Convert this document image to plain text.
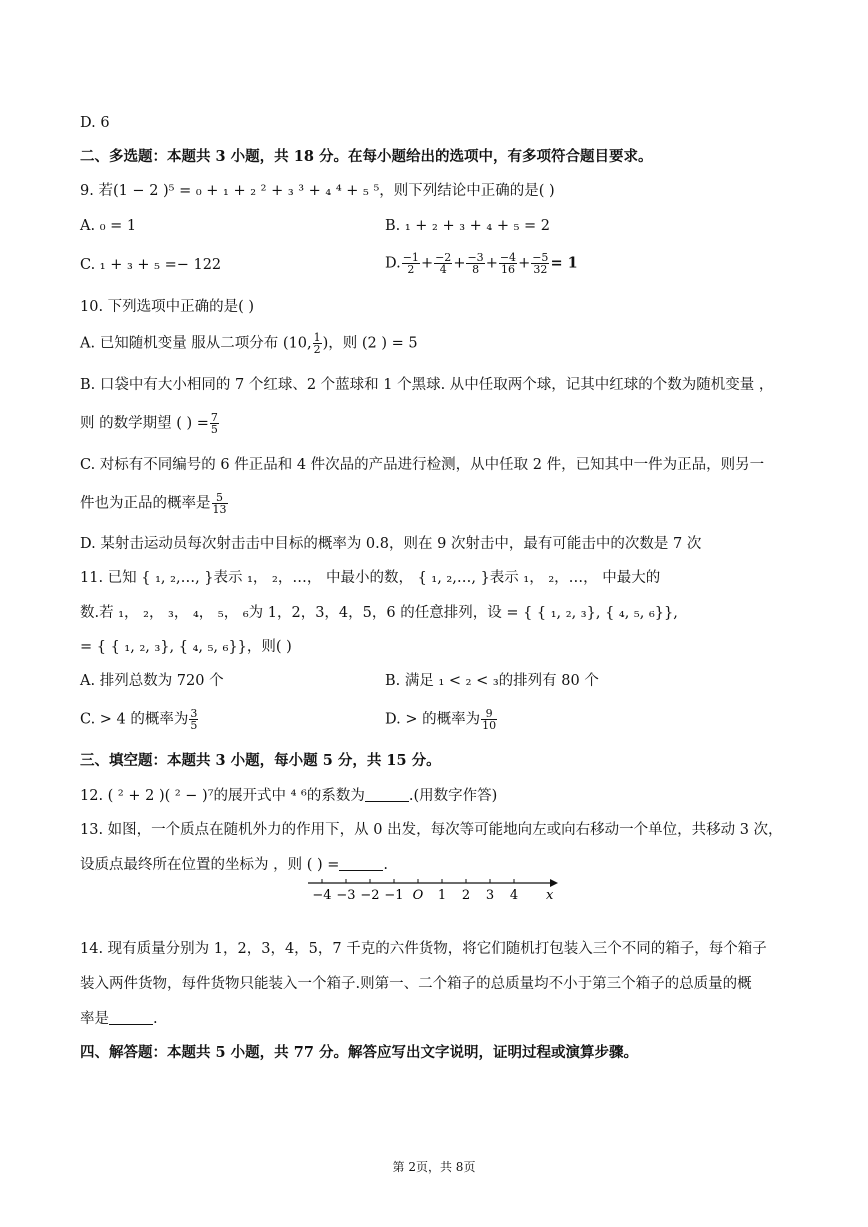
D. 6
二、多选题：本题共 3 小题，共 18 分。在每小题给出的选项中，有多项符合题目要求。
9. 若(1 − 2 )⁵ = ₀ + ₁ + ₂ ² + ₃ ³ + ₄ ⁴ + ₅ ⁵，则下列结论中正确的是( )
A. ₀ = 1	B. ₁ + ₂ + ₃ + ₄ + ₅ = 2
C. ₁ + ₃ + ₅ =− 122	D. $\frac{-1}{2} + \frac{-2}{4} + \frac{-3}{8} + \frac{-4}{16} + \frac{-5}{32} = 1$
10. 下列选项中正确的是( )
A. 已知随机变量 服从二项分布 (10, $\frac{1}{2}$ )，则 (2 ) = 5
B. 口袋中有大小相同的 7 个红球、2 个蓝球和 1 个黑球. 从中任取两个球，记其中红球的个数为随机变量 ，
则 的数学期望 ( ) = $\frac{7}{5}$
C. 对标有不同编号的 6 件正品和 4 件次品的产品进行检测，从中任取 2 件，已知其中一件为正品，则另一
件也为正品的概率是 $\frac{5}{13}$
D. 某射击运动员每次射击击中目标的概率为 0.8，则在 9 次射击中，最有可能击中的次数是 7 次
11. 已知 { ₁, ₂,…, }表示 ₁， ₂，…， 中最小的数， { ₁, ₂,…, }表示 ₁， ₂，…， 中最大的
数.若 ₁， ₂， ₃， ₄， ₅， ₆为 1，2，3，4，5，6 的任意排列，设 = { { ₁, ₂, ₃}, { ₄, ₅, ₆}},
= { { ₁, ₂, ₃}, { ₄, ₅, ₆}}，则( )
A. 排列总数为 720 个	B. 满足 ₁ < ₂ < ₃的排列有 80 个
C. > 4 的概率为 $\frac{3}{5}$	D. > 的概率为 $\frac{9}{10}$
三、填空题：本题共 3 小题，每小题 5 分，共 15 分。
12. ( ² + 2 )( ² − )⁷的展开式中 ⁴ ⁶的系数为	.(用数字作答)
13. 如图，一个质点在随机外力的作用下，从 0 出发，每次等可能地向左或向右移动一个单位，共移动 3 次，
设质点最终所在位置的坐标为 ，则 ( ) =	.
−4 −3 −2 −1 O 1 2 3 4 x
14. 现有质量分别为 1，2，3，4，5，7 千克的六件货物，将它们随机打包装入三个不同的箱子，每个箱子
装入两件货物，每件货物只能装入一个箱子.则第一、二个箱子的总质量均不小于第三个箱子的总质量的概
率是	.
四、解答题：本题共 5 小题，共 77 分。解答应写出文字说明，证明过程或演算步骤。
第 2页，共 8页
